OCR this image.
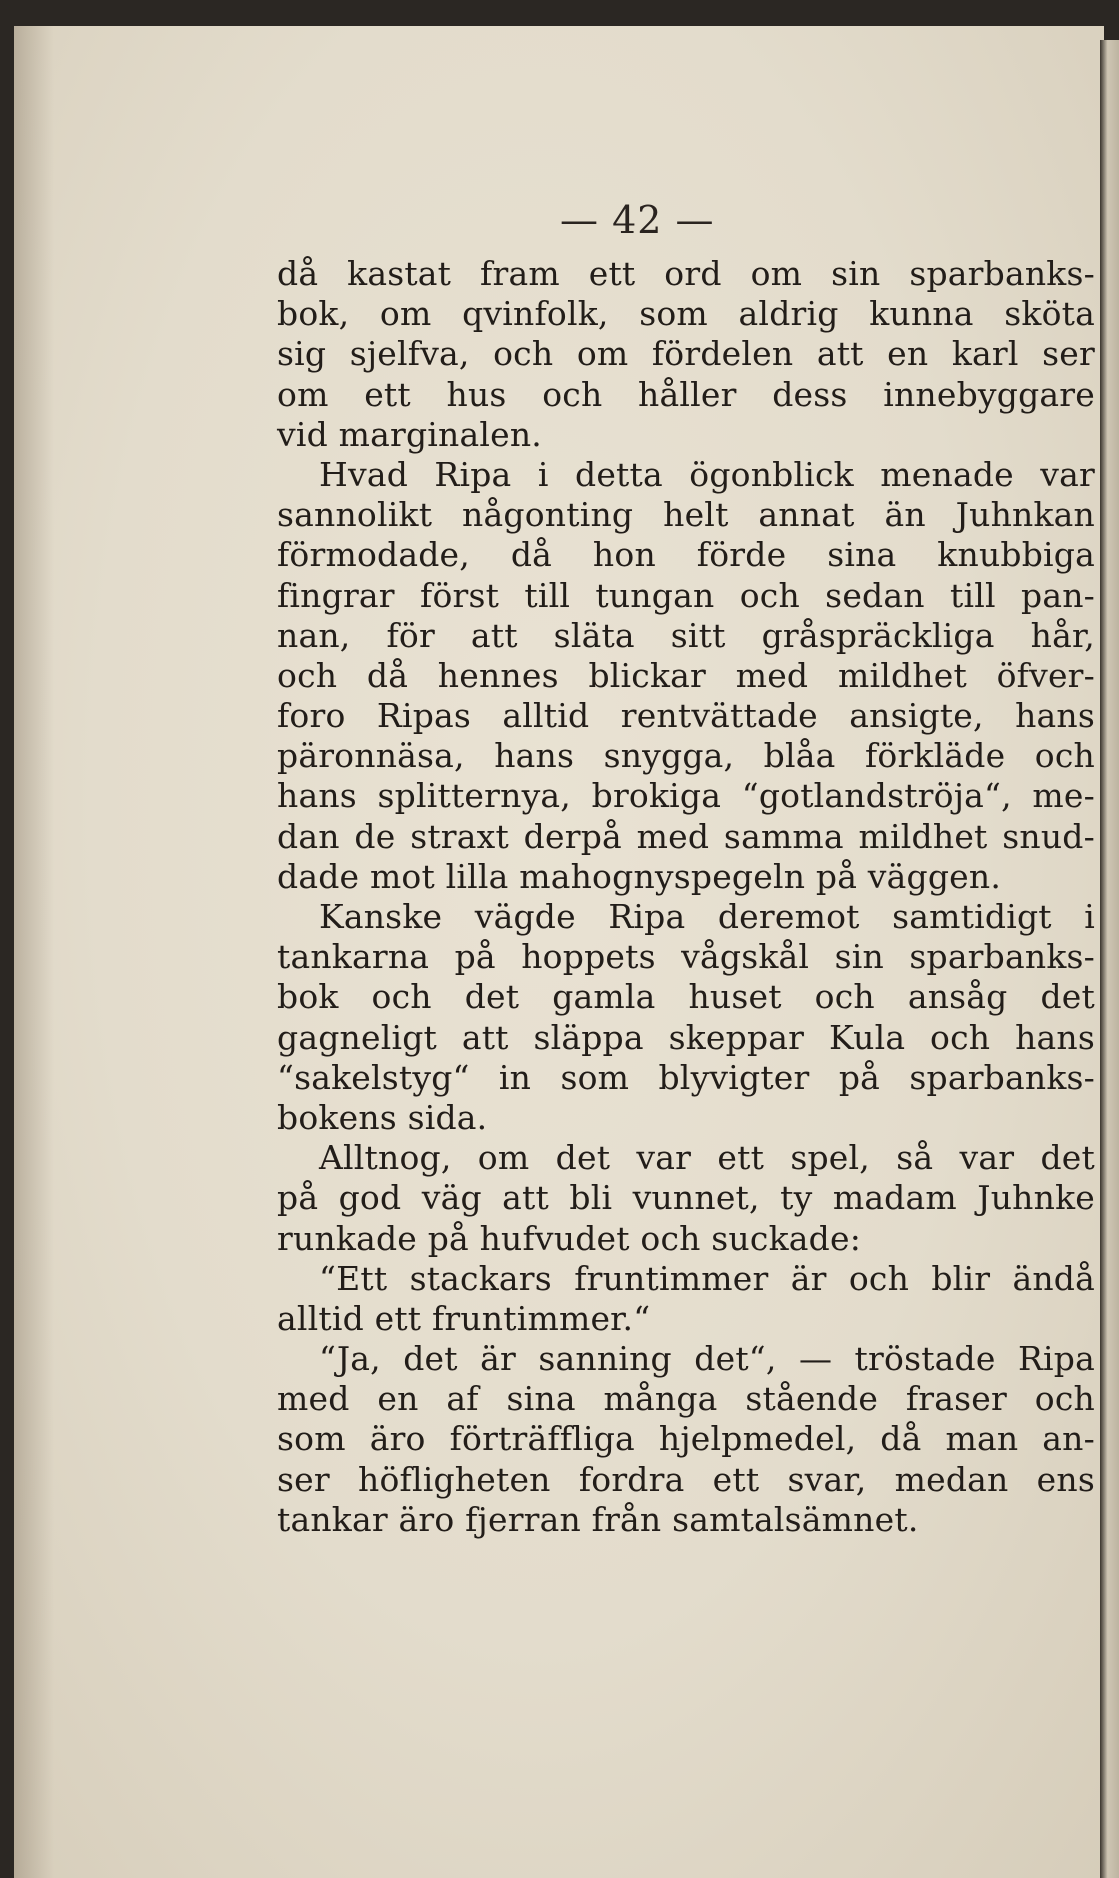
— 42 —
då kastat fram ett ord om sin sparbanks-
bok, om qvinfolk, som aldrig kunna sköta
sig sjelfva, och om fördelen att en karl ser
om ett hus och håller dess innebyggare
vid marginalen.
Hvad Ripa i detta ögonblick menade var
sannolikt någonting helt annat än Juhnkan
förmodade, då hon förde sina knubbiga
fingrar först till tungan och sedan till pan-
nan, för att släta sitt gråspräckliga hår,
och då hennes blickar med mildhet öfver-
foro Ripas alltid rentvättade ansigte, hans
päronnäsa, hans snygga, blåa förkläde och
hans splitternya, brokiga “gotlandströja“, me-
dan de straxt derpå med samma mildhet snud-
dade mot lilla mahognyspegeln på väggen.
Kanske vägde Ripa deremot samtidigt i
tankarna på hoppets vågskål sin sparbanks-
bok och det gamla huset och ansåg det
gagneligt att släppa skeppar Kula och hans
“sakelstyg“ in som blyvigter på sparbanks-
bokens sida.
Alltnog, om det var ett spel, så var det
på god väg att bli vunnet, ty madam Juhnke
runkade på hufvudet och suckade:
“Ett stackars fruntimmer är och blir ändå
alltid ett fruntimmer.“
“Ja, det är sanning det“, — tröstade Ripa
med en af sina många stående fraser och
som äro förträffliga hjelpmedel, då man an-
ser höfligheten fordra ett svar, medan ens
tankar äro fjerran från samtalsämnet.
